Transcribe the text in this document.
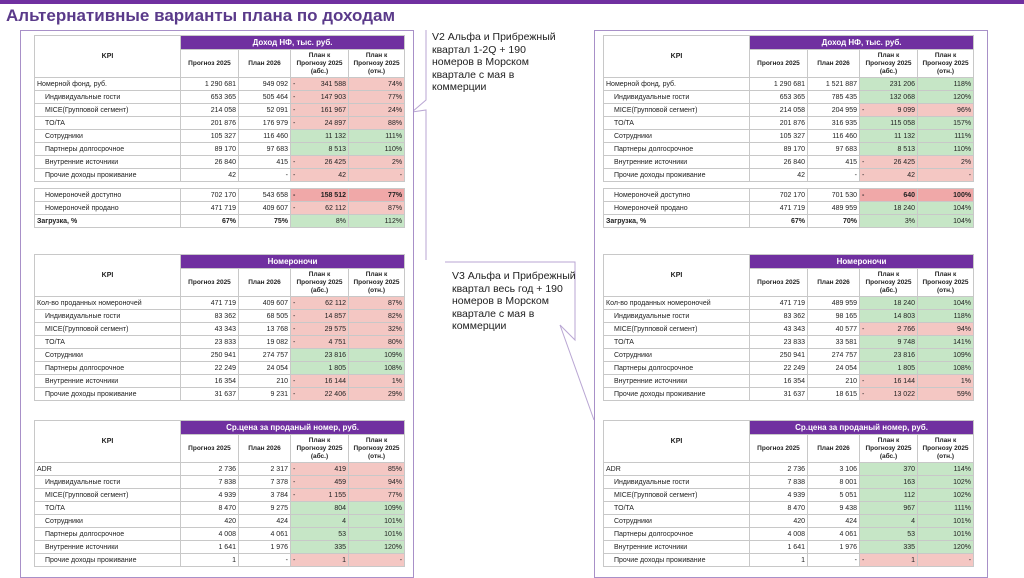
Альтернативные варианты плана по доходам
V2 Альфа и Прибрежный
квартал 1-2Q + 190
номеров в Морском
квартале с мая в
коммерции
V3 Альфа и Прибрежный
квартал весь год + 190
номеров в Морском
квартале с мая в
коммерции
KPI	Доход НФ, тыс. руб.				
	Прогноз 2025	План 2026	План к Прогнозу 2025 (абс.)		План к Прогнозу 2025 (отн.)
Номерной фонд, руб.	1 290 681	949 092	-	341 588	74%
Индивидуальные гости	653 365	505 464	-	147 903	77%
MICE(Групповой сегмент)	214 058	52 091	-	161 967	24%
TO/TA	201 876	176 979	-	24 897	88%
Сотрудники	105 327	116 460		11 132	111%
Партнеры долгосрочное	89 170	97 683		8 513	110%
Внутренние источники	26 840	415	-	26 425	2%
Прочие доходы проживание	42	-	-	42	-

Номероночей доступно	702 170	543 658	-	158 512	77%
Номероночей продано	471 719	409 607	-	62 112	87%
Загрузка, %	67%	75%		8%	112%
KPI	Номероночи				
	Прогноз 2025	План 2026	План к Прогнозу 2025 (абс.)		План к Прогнозу 2025 (отн.)
Кол-во проданных номероночей	471 719	409 607	-	62 112	87%
Индивидуальные гости	83 362	68 505	-	14 857	82%
MICE(Групповой сегмент)	43 343	13 768	-	29 575	32%
TO/TA	23 833	19 082	-	4 751	80%
Сотрудники	250 941	274 757		23 816	109%
Партнеры долгосрочное	22 249	24 054		1 805	108%
Внутренние источники	16 354	210	-	16 144	1%
Прочие доходы проживание	31 637	9 231	-	22 406	29%
KPI	Ср.цена за проданый номер, руб.				
	Прогноз 2025	План 2026	План к Прогнозу 2025 (абс.)		План к Прогнозу 2025 (отн.)
ADR	2 736	2 317	-	419	85%
Индивидуальные гости	7 838	7 378	-	459	94%
MICE(Групповой сегмент)	4 939	3 784	-	1 155	77%
TO/TA	8 470	9 275		804	109%
Сотрудники	420	424		4	101%
Партнеры долгосрочное	4 008	4 061		53	101%
Внутренние источники	1 641	1 976		335	120%
Прочие доходы проживание	1	-	-	1	-
KPI	Доход НФ, тыс. руб.				
	Прогноз 2025	План 2026	План к Прогнозу 2025 (абс.)		План к Прогнозу 2025 (отн.)
Номерной фонд, руб.	1 290 681	1 521 887		231 206	118%
Индивидуальные гости	653 365	785 435		132 068	120%
MICE(Групповой сегмент)	214 058	204 959	-	9 099	96%
TO/TA	201 876	316 935		115 058	157%
Сотрудники	105 327	116 460		11 132	111%
Партнеры долгосрочное	89 170	97 683		8 513	110%
Внутренние источники	26 840	415	-	26 425	2%
Прочие доходы проживание	42	-	-	42	-

Номероночей доступно	702 170	701 530	-	640	100%
Номероночей продано	471 719	489 959		18 240	104%
Загрузка, %	67%	70%		3%	104%
KPI	Номероночи				
	Прогноз 2025	План 2026	План к Прогнозу 2025 (абс.)		План к Прогнозу 2025 (отн.)
Кол-во проданных номероночей	471 719	489 959		18 240	104%
Индивидуальные гости	83 362	98 165		14 803	118%
MICE(Групповой сегмент)	43 343	40 577	-	2 766	94%
TO/TA	23 833	33 581		9 748	141%
Сотрудники	250 941	274 757		23 816	109%
Партнеры долгосрочное	22 249	24 054		1 805	108%
Внутренние источники	16 354	210	-	16 144	1%
Прочие доходы проживание	31 637	18 615	-	13 022	59%
KPI	Ср.цена за проданый номер, руб.				
	Прогноз 2025	План 2026	План к Прогнозу 2025 (абс.)		План к Прогнозу 2025 (отн.)
ADR	2 736	3 106		370	114%
Индивидуальные гости	7 838	8 001		163	102%
MICE(Групповой сегмент)	4 939	5 051		112	102%
TO/TA	8 470	9 438		967	111%
Сотрудники	420	424		4	101%
Партнеры долгосрочное	4 008	4 061		53	101%
Внутренние источники	1 641	1 976		335	120%
Прочие доходы проживание	1	-	-	1	-
